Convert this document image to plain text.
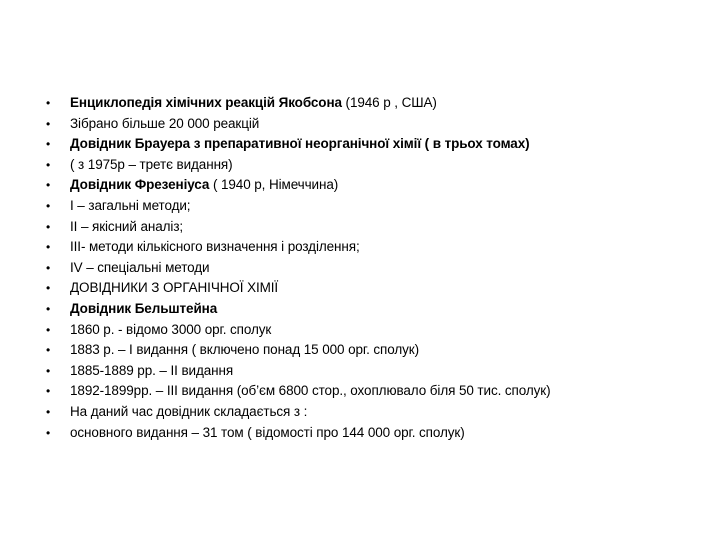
•	Енциклопедія хімічних реакцій Якобсона (1946 р , США)
•	Зібрано більше 20 000 реакцій
•	Довідник Брауера з препаративної неорганічної хімії ( в трьох томах)
•	( з 1975р – третє видання)
•	Довідник Фрезеніуса ( 1940 р, Німеччина)
•	І – загальні методи;
•	ІІ – якісний аналіз;
•	ІІІ- методи кількісного визначення і розділення;
•	IV – спеціальні методи
•	ДОВІДНИКИ З ОРГАНІЧНОЇ ХІМІЇ
•	Довідник Бельштейна
•	1860 р. - відомо 3000 орг. сполук
•	1883 р. – І видання ( включено понад 15 000 орг. сполук)
•	1885-1889 рр. – ІІ видання
•	1892-1899рр. – ІІІ видання (об’єм 6800 стор., охоплювало біля 50 тис. сполук)
•	На даний час довідник складається з :
•	основного видання – 31 том ( відомості про 144 000 орг. сполук)
